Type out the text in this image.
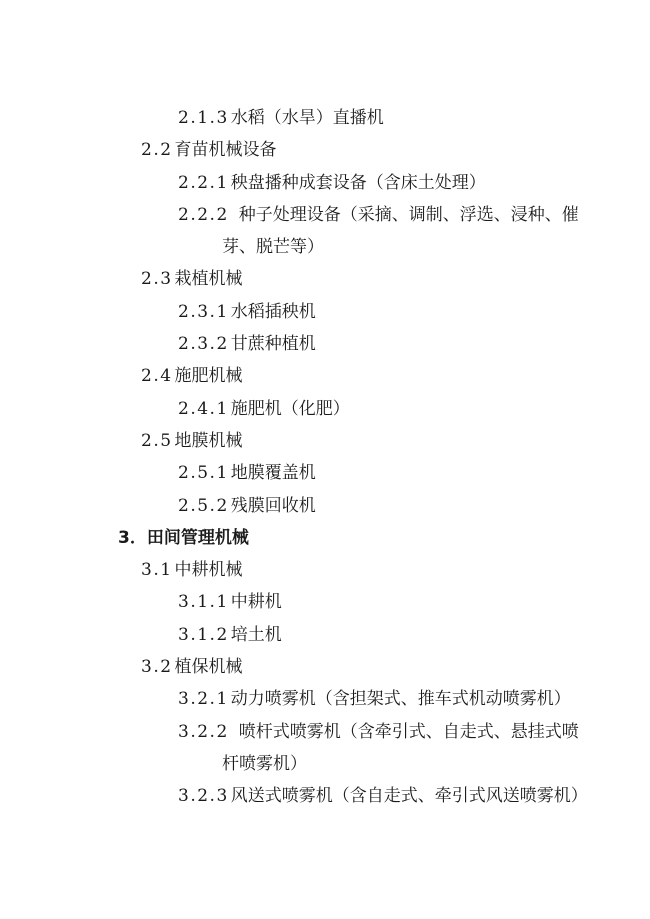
2.1.3 水稻（水旱）直播机
2.2 育苗机械设备
2.2.1 秧盘播种成套设备（含床土处理）
2.2.2 种子处理设备（采摘、调制、浮选、浸种、催
芽、脱芒等）
2.3 栽植机械
2.3.1 水稻插秧机
2.3.2 甘蔗种植机
2.4 施肥机械
2.4.1 施肥机（化肥）
2.5 地膜机械
2.5.1 地膜覆盖机
2.5.2 残膜回收机
3．田间管理机械
3.1 中耕机械
3.1.1 中耕机
3.1.2 培土机
3.2 植保机械
3.2.1 动力喷雾机（含担架式、推车式机动喷雾机）
3.2.2 喷杆式喷雾机（含牵引式、自走式、悬挂式喷
杆喷雾机）
3.2.3 风送式喷雾机（含自走式、牵引式风送喷雾机）
